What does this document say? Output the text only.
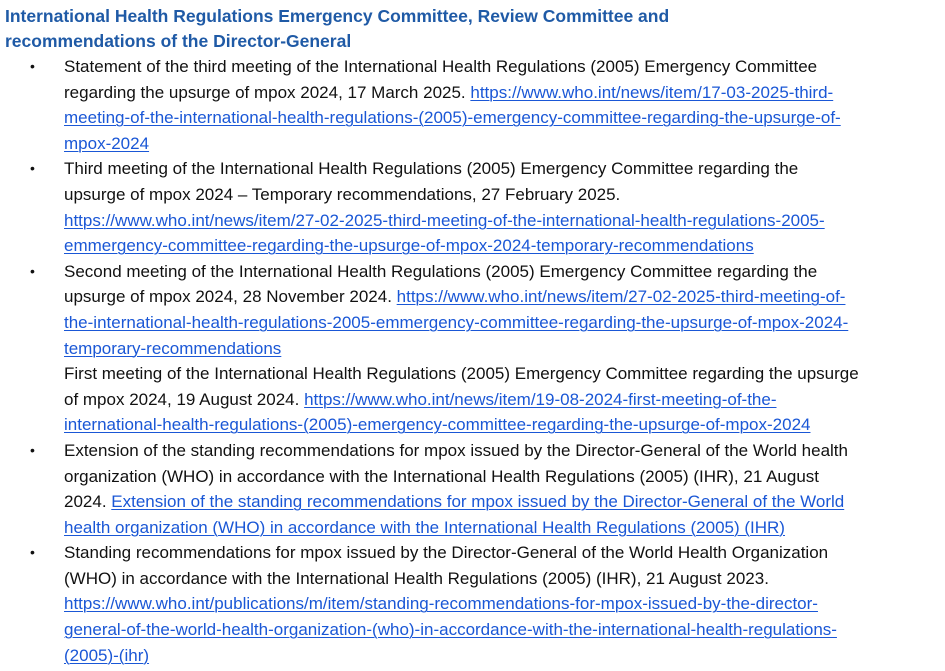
International Health Regulations Emergency Committee, Review Committee and
recommendations of the Director-General
• Statement of the third meeting of the International Health Regulations (2005) Emergency Committee
regarding the upsurge of mpox 2024, 17 March 2025. https://www.who.int/news/item/17-03-2025-third-
meeting-of-the-international-health-regulations-(2005)-emergency-committee-regarding-the-upsurge-of-
mpox-2024
• Third meeting of the International Health Regulations (2005) Emergency Committee regarding the
upsurge of mpox 2024 – Temporary recommendations, 27 February 2025.
https://www.who.int/news/item/27-02-2025-third-meeting-of-the-international-health-regulations-2005-
emmergency-committee-regarding-the-upsurge-of-mpox-2024-temporary-recommendations
• Second meeting of the International Health Regulations (2005) Emergency Committee regarding the
upsurge of mpox 2024, 28 November 2024. https://www.who.int/news/item/27-02-2025-third-meeting-of-
the-international-health-regulations-2005-emmergency-committee-regarding-the-upsurge-of-mpox-2024-
temporary-recommendations
First meeting of the International Health Regulations (2005) Emergency Committee regarding the upsurge
of mpox 2024, 19 August 2024. https://www.who.int/news/item/19-08-2024-first-meeting-of-the-
international-health-regulations-(2005)-emergency-committee-regarding-the-upsurge-of-mpox-2024
• Extension of the standing recommendations for mpox issued by the Director-General of the World health
organization (WHO) in accordance with the International Health Regulations (2005) (IHR), 21 August
2024. Extension of the standing recommendations for mpox issued by the Director-General of the World
health organization (WHO) in accordance with the International Health Regulations (2005) (IHR)
• Standing recommendations for mpox issued by the Director-General of the World Health Organization
(WHO) in accordance with the International Health Regulations (2005) (IHR), 21 August 2023.
https://www.who.int/publications/m/item/standing-recommendations-for-mpox-issued-by-the-director-
general-of-the-world-health-organization-(who)-in-accordance-with-the-international-health-regulations-
(2005)-(ihr)
